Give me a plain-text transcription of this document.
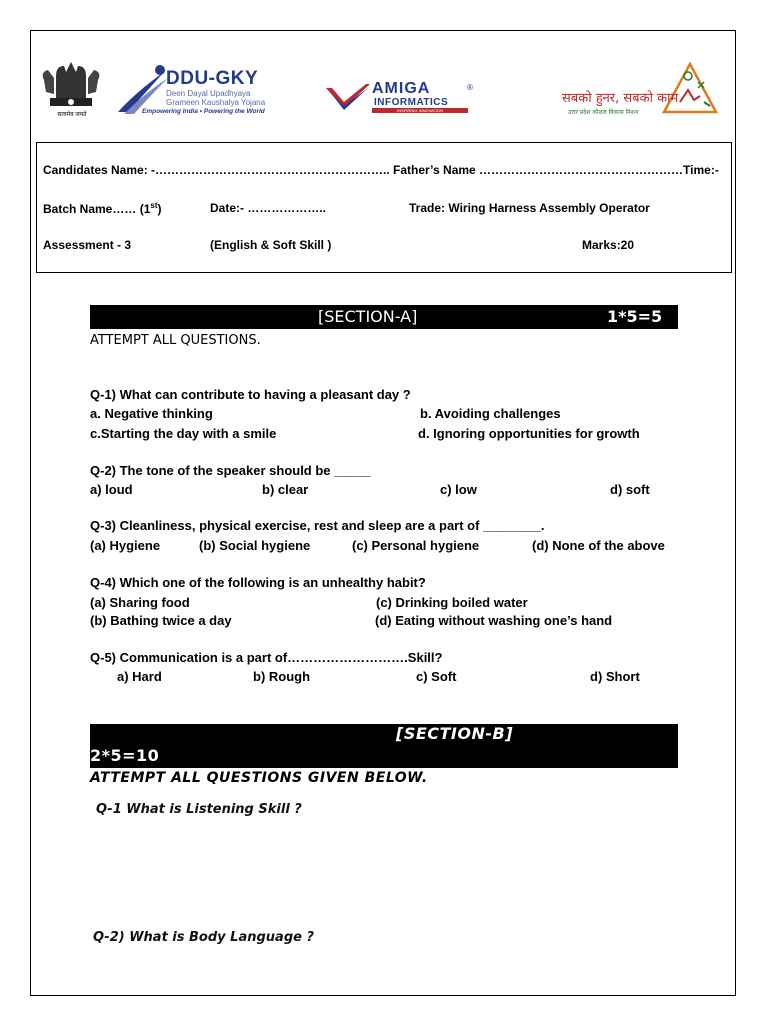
सत्यमेव जयते
DDU-GKY
Deen Dayal Upadhyaya
Grameen Kaushalya Yojana
Empowering India • Powering the World
AMIGA	®
INFORMATICS
INSPIRING INNOVATION
सबको हुनर, सबको काम
उत्तर प्रदेश कौशल विकास मिशन
Candidates Name: -………………………………………………….. Father’s Name ……………………………………………Time:-
Batch Name…… (1st)	Date:- ………………..	Trade: Wiring Harness Assembly Operator
Assessment - 3	(English & Soft Skill )	Marks:20
[SECTION-A]	1*5=5
ATTEMPT ALL QUESTIONS.
Q-1) What can contribute to having a pleasant day ?
a. Negative thinking	b. Avoiding challenges
c.Starting the day with a smile	d. Ignoring opportunities for growth
Q-2) The tone of the speaker should be _____
a) loud	b) clear	c) low	d) soft
Q-3) Cleanliness, physical exercise, rest and sleep are a part of ________.
(a) Hygiene	(b) Social hygiene	(c) Personal hygiene	(d) None of the above
Q-4) Which one of the following is an unhealthy habit?
(a) Sharing food	(c) Drinking boiled water
(b) Bathing twice a day	(d) Eating without washing one’s hand
Q-5) Communication is a part of……………………….Skill?
a) Hard	b) Rough	c) Soft	d) Short
[SECTION-B]
2*5=10
ATTEMPT ALL QUESTIONS GIVEN BELOW.
Q-1 What is Listening Skill ?
Q-2) What is Body Language ?
